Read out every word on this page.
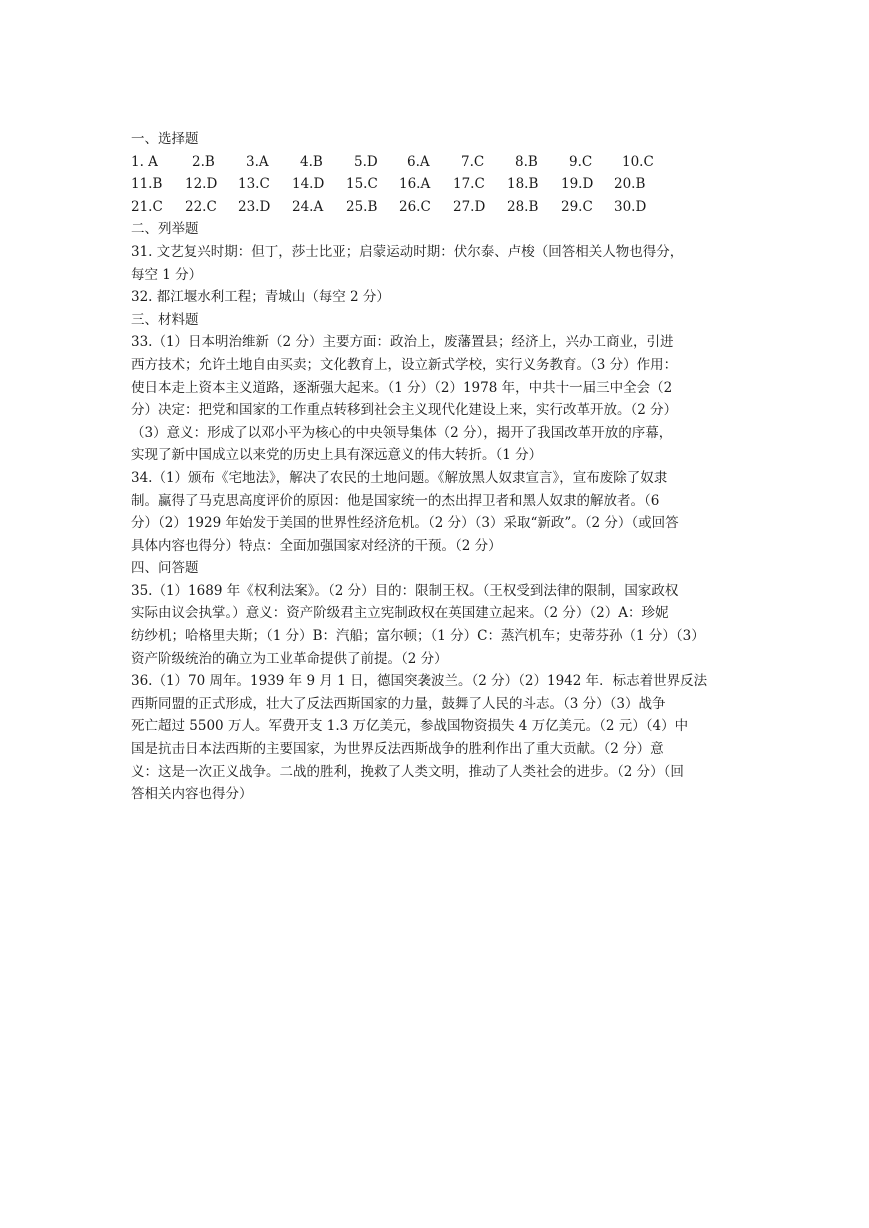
一、选择题
1. A	2.B 3.A 4.B 5.D 6.A 7.C 8.B 9.C 10.C
11.B 12.D 13.C 14.D 15.C 16.A 17.C 18.B 19.D 20.B
21.C 22.C 23.D 24.A 25.B 26.C 27.D 28.B 29.C 30.D
二、列举题
31. 文艺复兴时期：但丁，莎士比亚；启蒙运动时期：伏尔泰、卢梭（回答相关人物也得分，
每空 1 分）
32. 都江堰水利工程；青城山（每空 2 分）
三、材料题
33.（1）日本明治维新（2 分）主要方面：政治上，废藩置县；经济上，兴办工商业，引进
西方技术；允许土地自由买卖；文化教育上，设立新式学校，实行义务教育。（3 分）作用：
使日本走上资本主义道路，逐渐强大起来。（1 分）（2）1978 年，中共十一届三中全会（2
分）决定：把党和国家的工作重点转移到社会主义现代化建设上来，实行改革开放。（2 分）
（3）意义：形成了以邓小平为核心的中央领导集体（2 分），揭开了我国改革开放的序幕，
实现了新中国成立以来党的历史上具有深远意义的伟大转折。（1 分）
34.（1）颁布《宅地法》，解决了农民的土地问题。《解放黑人奴隶宣言》，宣布废除了奴隶
制。赢得了马克思高度评价的原因：他是国家统一的杰出捍卫者和黑人奴隶的解放者。（6
分）（2）1929 年始发于美国的世界性经济危机。（2 分）（3）采取“新政”。（2 分）（或回答
具体内容也得分）特点：全面加强国家对经济的干预。（2 分）
四、问答题
35.（1）1689 年《权利法案》。（2 分）目的：限制王权。（王权受到法律的限制，国家政权
实际由议会执掌。）意义：资产阶级君主立宪制政权在英国建立起来。（2 分）（2）A：珍妮
纺纱机；哈格里夫斯；（1 分）B：汽船；富尔顿；（1 分）C：蒸汽机车；史蒂芬孙（1 分）（3）
资产阶级统治的确立为工业革命提供了前提。（2 分）
36.（1）70 周年。1939 年 9 月 1 日，德国突袭波兰。（2 分）（2）1942 年．标志着世界反法
西斯同盟的正式形成，壮大了反法西斯国家的力量，鼓舞了人民的斗志。（3 分）（3）战争
死亡超过 5500 万人。军费开支 1.3 万亿美元，参战国物资损失 4 万亿美元。（2 元）（4）中
国是抗击日本法西斯的主要国家，为世界反法西斯战争的胜利作出了重大贡献。（2 分）意
义：这是一次正义战争。二战的胜利，挽救了人类文明，推动了人类社会的进步。（2 分）（回
答相关内容也得分）
